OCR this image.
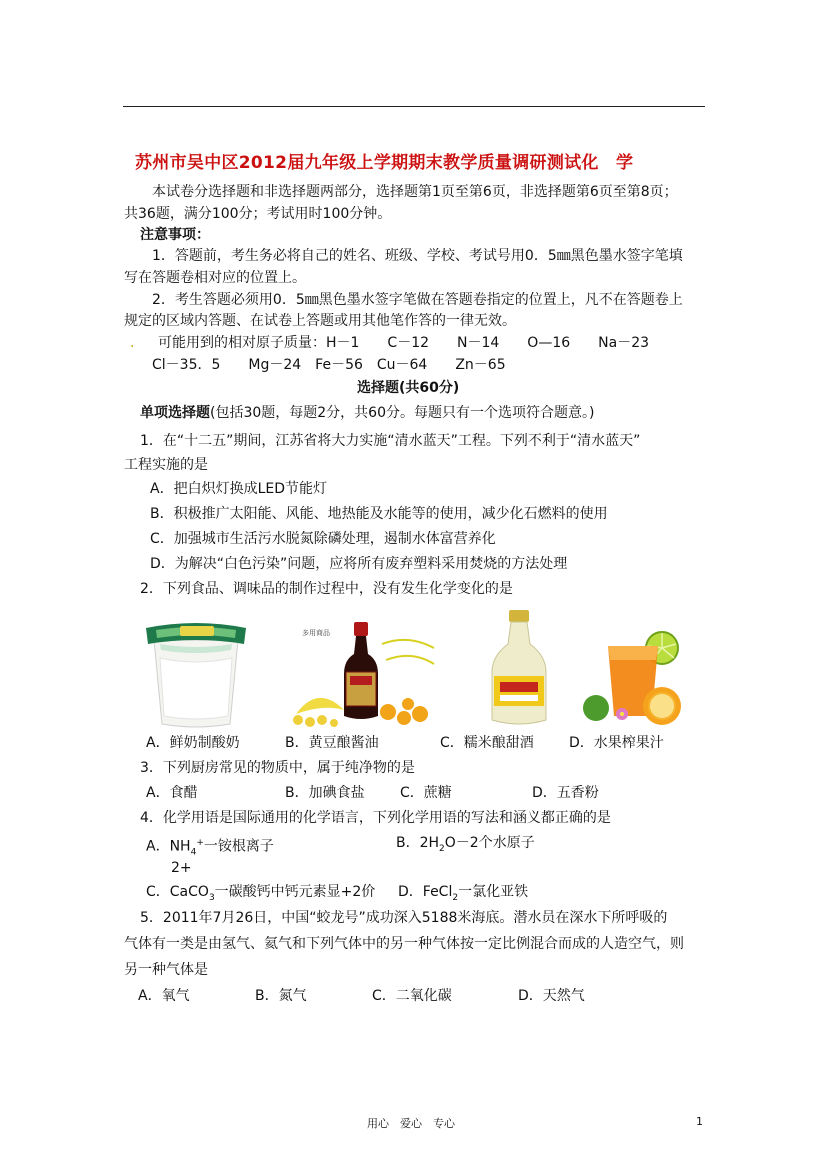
苏州市吴中区2012届九年级上学期期末教学质量调研测试化　学
本试卷分选择题和非选择题两部分，选择题第1页至第6页，非选择题第6页至第8页；
共36题，满分100分；考试用时100分钟。
注意事项：
1．答题前，考生务必将自己的姓名、班级、学校、考试号用0．5㎜黑色墨水签字笔填
写在答题卷相对应的位置上。
2．考生答题必须用0．5㎜黑色墨水签字笔做在答题卷指定的位置上，凡不在答题卷上
规定的区域内答题、在试卷上答题或用其他笔作答的一律无效。
. 可能用到的相对原子质量：H－1　　C－12　　N－14　　O—16　　Na－23
Cl－35．5　　Mg－24　Fe－56　Cu－64　　Zn－65
选择题(共60分)
单项选择题(包括30题，每题2分，共60分。每题只有一个选项符合题意。)
1．在“十二五”期间，江苏省将大力实施“清水蓝天”工程。下列不利于“清水蓝天”
工程实施的是
A．把白炽灯换成LED节能灯
B．积极推广太阳能、风能、地热能及水能等的使用，减少化石燃料的使用
C．加强城市生活污水脱氮除磷处理，遏制水体富营养化
D．为解决“白色污染”问题，应将所有废弃塑料采用焚烧的方法处理
2．下列食品、调味品的制作过程中，没有发生化学变化的是
多用商品
A．鲜奶制酸奶	B．黄豆酿酱油	C．糯米酿甜酒	D．水果榨果汁
3．下列厨房常见的物质中，属于纯净物的是
A．食醋	B．加碘食盐	C．蔗糖	D．五香粉
4．化学用语是国际通用的化学语言，下列化学用语的写法和涵义都正确的是
A．$NH_4^+$一铵根离子	B．$2H_2O-2$个水原子
2+
C．CaCO$_3$一碳酸钙中钙元素显+2价 D．FeCl$_2$一氯化亚铁
5．2011年7月26日，中国“蛟龙号”成功深入5188米海底。潜水员在深水下所呼吸的
气体有一类是由氢气、氦气和下列气体中的另一种气体按一定比例混合而成的人造空气，则
另一种气体是
A．氧气	B．氮气	C．二氧化碳	D．天然气
用心　爱心　专心	1
